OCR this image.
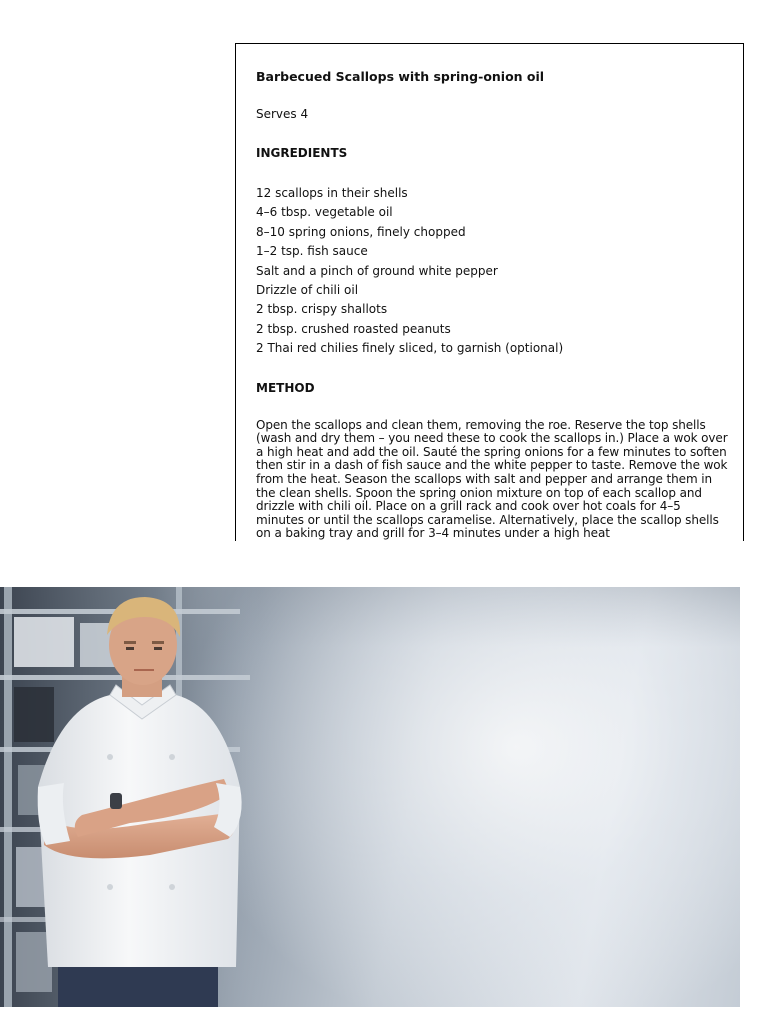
Barbecued Scallops with spring-onion oil

Serves 4

INGREDIENTS
12 scallops in their shells
4–6 tbsp. vegetable oil
8–10 spring onions, finely chopped
1–2 tsp. fish sauce
Salt and a pinch of ground white pepper
Drizzle of chili oil
2 tbsp. crispy shallots
2 tbsp. crushed roasted peanuts
2 Thai red chilies finely sliced, to garnish (optional)
METHOD

Open the scallops and clean them, removing the roe. Reserve the top shells (wash and dry them – you need these to cook the scallops in.) Place a wok over a high heat and add the oil. Sauté the spring onions for a few minutes to soften then stir in a dash of fish sauce and the white pepper to taste. Remove the wok from the heat. Season the scallops with salt and pepper and arrange them in the clean shells. Spoon the spring onion mixture on top of each scallop and drizzle with chili oil. Place on a grill rack and cook over hot coals for 4–5 minutes or until the scallops caramelise. Alternatively, place the scallop shells on a baking tray and grill for 3–4 minutes under a high heat
